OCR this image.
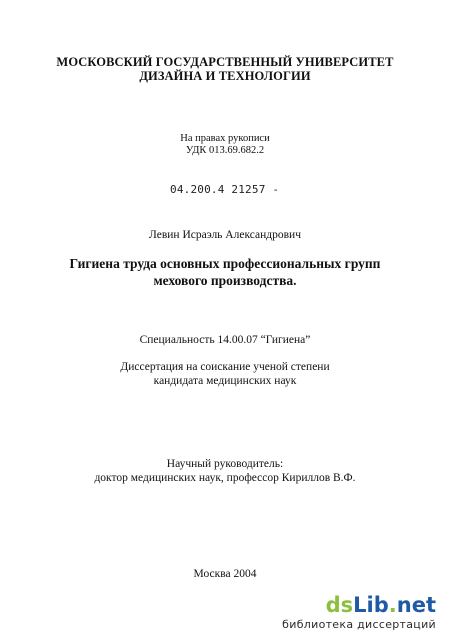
МОСКОВСКИЙ ГОСУДАРСТВЕННЫЙ УНИВЕРСИТЕТ
ДИЗАЙНА И ТЕХНОЛОГИИ
На правах рукописи
УДК 013.69.682.2
04.200.4 21257 -
Левин Исраэль Александрович
Гигиена труда основных профессиональных групп
мехового производства.
Специальность 14.00.07 “Гигиена”
Диссертация на соискание ученой степени
кандидата медицинских наук
Научный руководитель:
доктор медицинских наук, профессор Кириллов В.Ф.
Москва 2004
dsLib.net
библиотека диссертаций
